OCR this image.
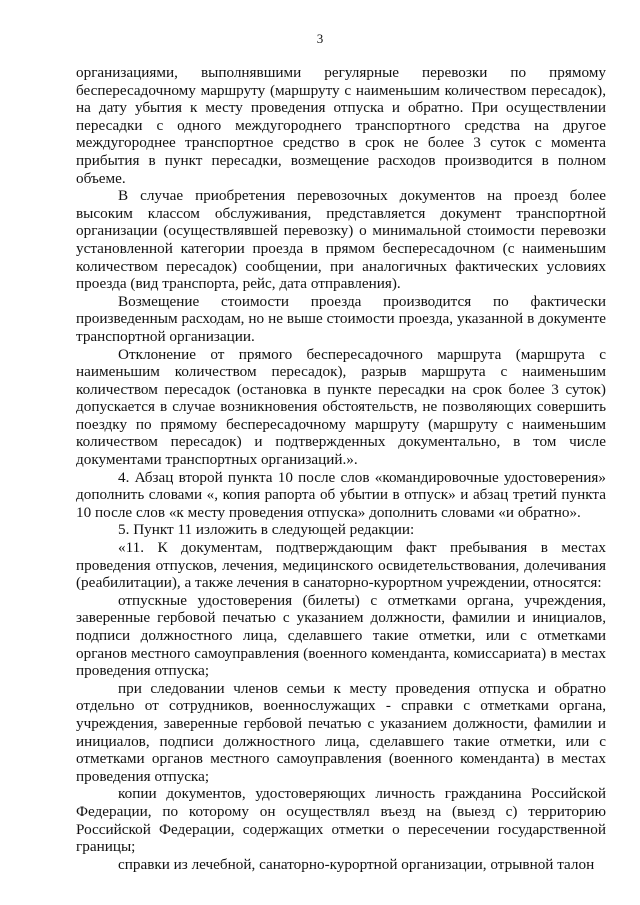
3

организациями, выполнявшими регулярные перевозки по прямому беспересадочному маршруту (маршруту с наименьшим количеством пересадок), на дату убытия к месту проведения отпуска и обратно. При осуществлении пересадки с одного междугороднего транспортного средства на другое междугороднее транспортное средство в срок не более 3 суток с момента прибытия в пункт пересадки, возмещение расходов производится в полном объеме.

В случае приобретения перевозочных документов на проезд более высоким классом обслуживания, представляется документ транспортной организации (осуществлявшей перевозку) о минимальной стоимости перевозки установленной категории проезда в прямом беспересадочном (с наименьшим количеством пересадок) сообщении, при аналогичных фактических условиях проезда (вид транспорта, рейс, дата отправления).

Возмещение стоимости проезда производится по фактически произведенным расходам, но не выше стоимости проезда, указанной в документе транспортной организации.

Отклонение от прямого беспересадочного маршрута (маршрута с наименьшим количеством пересадок), разрыв маршрута с наименьшим количеством пересадок (остановка в пункте пересадки на срок более 3 суток) допускается в случае возникновения обстоятельств, не позволяющих совершить поездку по прямому беспересадочному маршруту (маршруту с наименьшим количеством пересадок) и подтвержденных документально, в том числе документами транспортных организаций.».

4. Абзац второй пункта 10 после слов «командировочные удостоверения» дополнить словами «, копия рапорта об убытии в отпуск» и абзац третий пункта 10 после слов «к месту проведения отпуска» дополнить словами «и обратно».

5. Пункт 11 изложить в следующей редакции:

«11. К документам, подтверждающим факт пребывания в местах проведения отпусков, лечения, медицинского освидетельствования, долечивания (реабилитации), а также лечения в санаторно-курортном учреждении, относятся:

отпускные удостоверения (билеты) с отметками органа, учреждения, заверенные гербовой печатью с указанием должности, фамилии и инициалов, подписи должностного лица, сделавшего такие отметки, или с отметками органов местного самоуправления (военного коменданта, комиссариата) в местах проведения отпуска;

при следовании членов семьи к месту проведения отпуска и обратно отдельно от сотрудников, военнослужащих - справки с отметками органа, учреждения, заверенные гербовой печатью с указанием должности, фамилии и инициалов, подписи должностного лица, сделавшего такие отметки, или с отметками органов местного самоуправления (военного коменданта) в местах проведения отпуска;

копии документов, удостоверяющих личность гражданина Российской Федерации, по которому он осуществлял въезд на (выезд с) территорию Российской Федерации, содержащих отметки о пересечении государственной границы;

справки из лечебной, санаторно-курортной организации, отрывной талон
